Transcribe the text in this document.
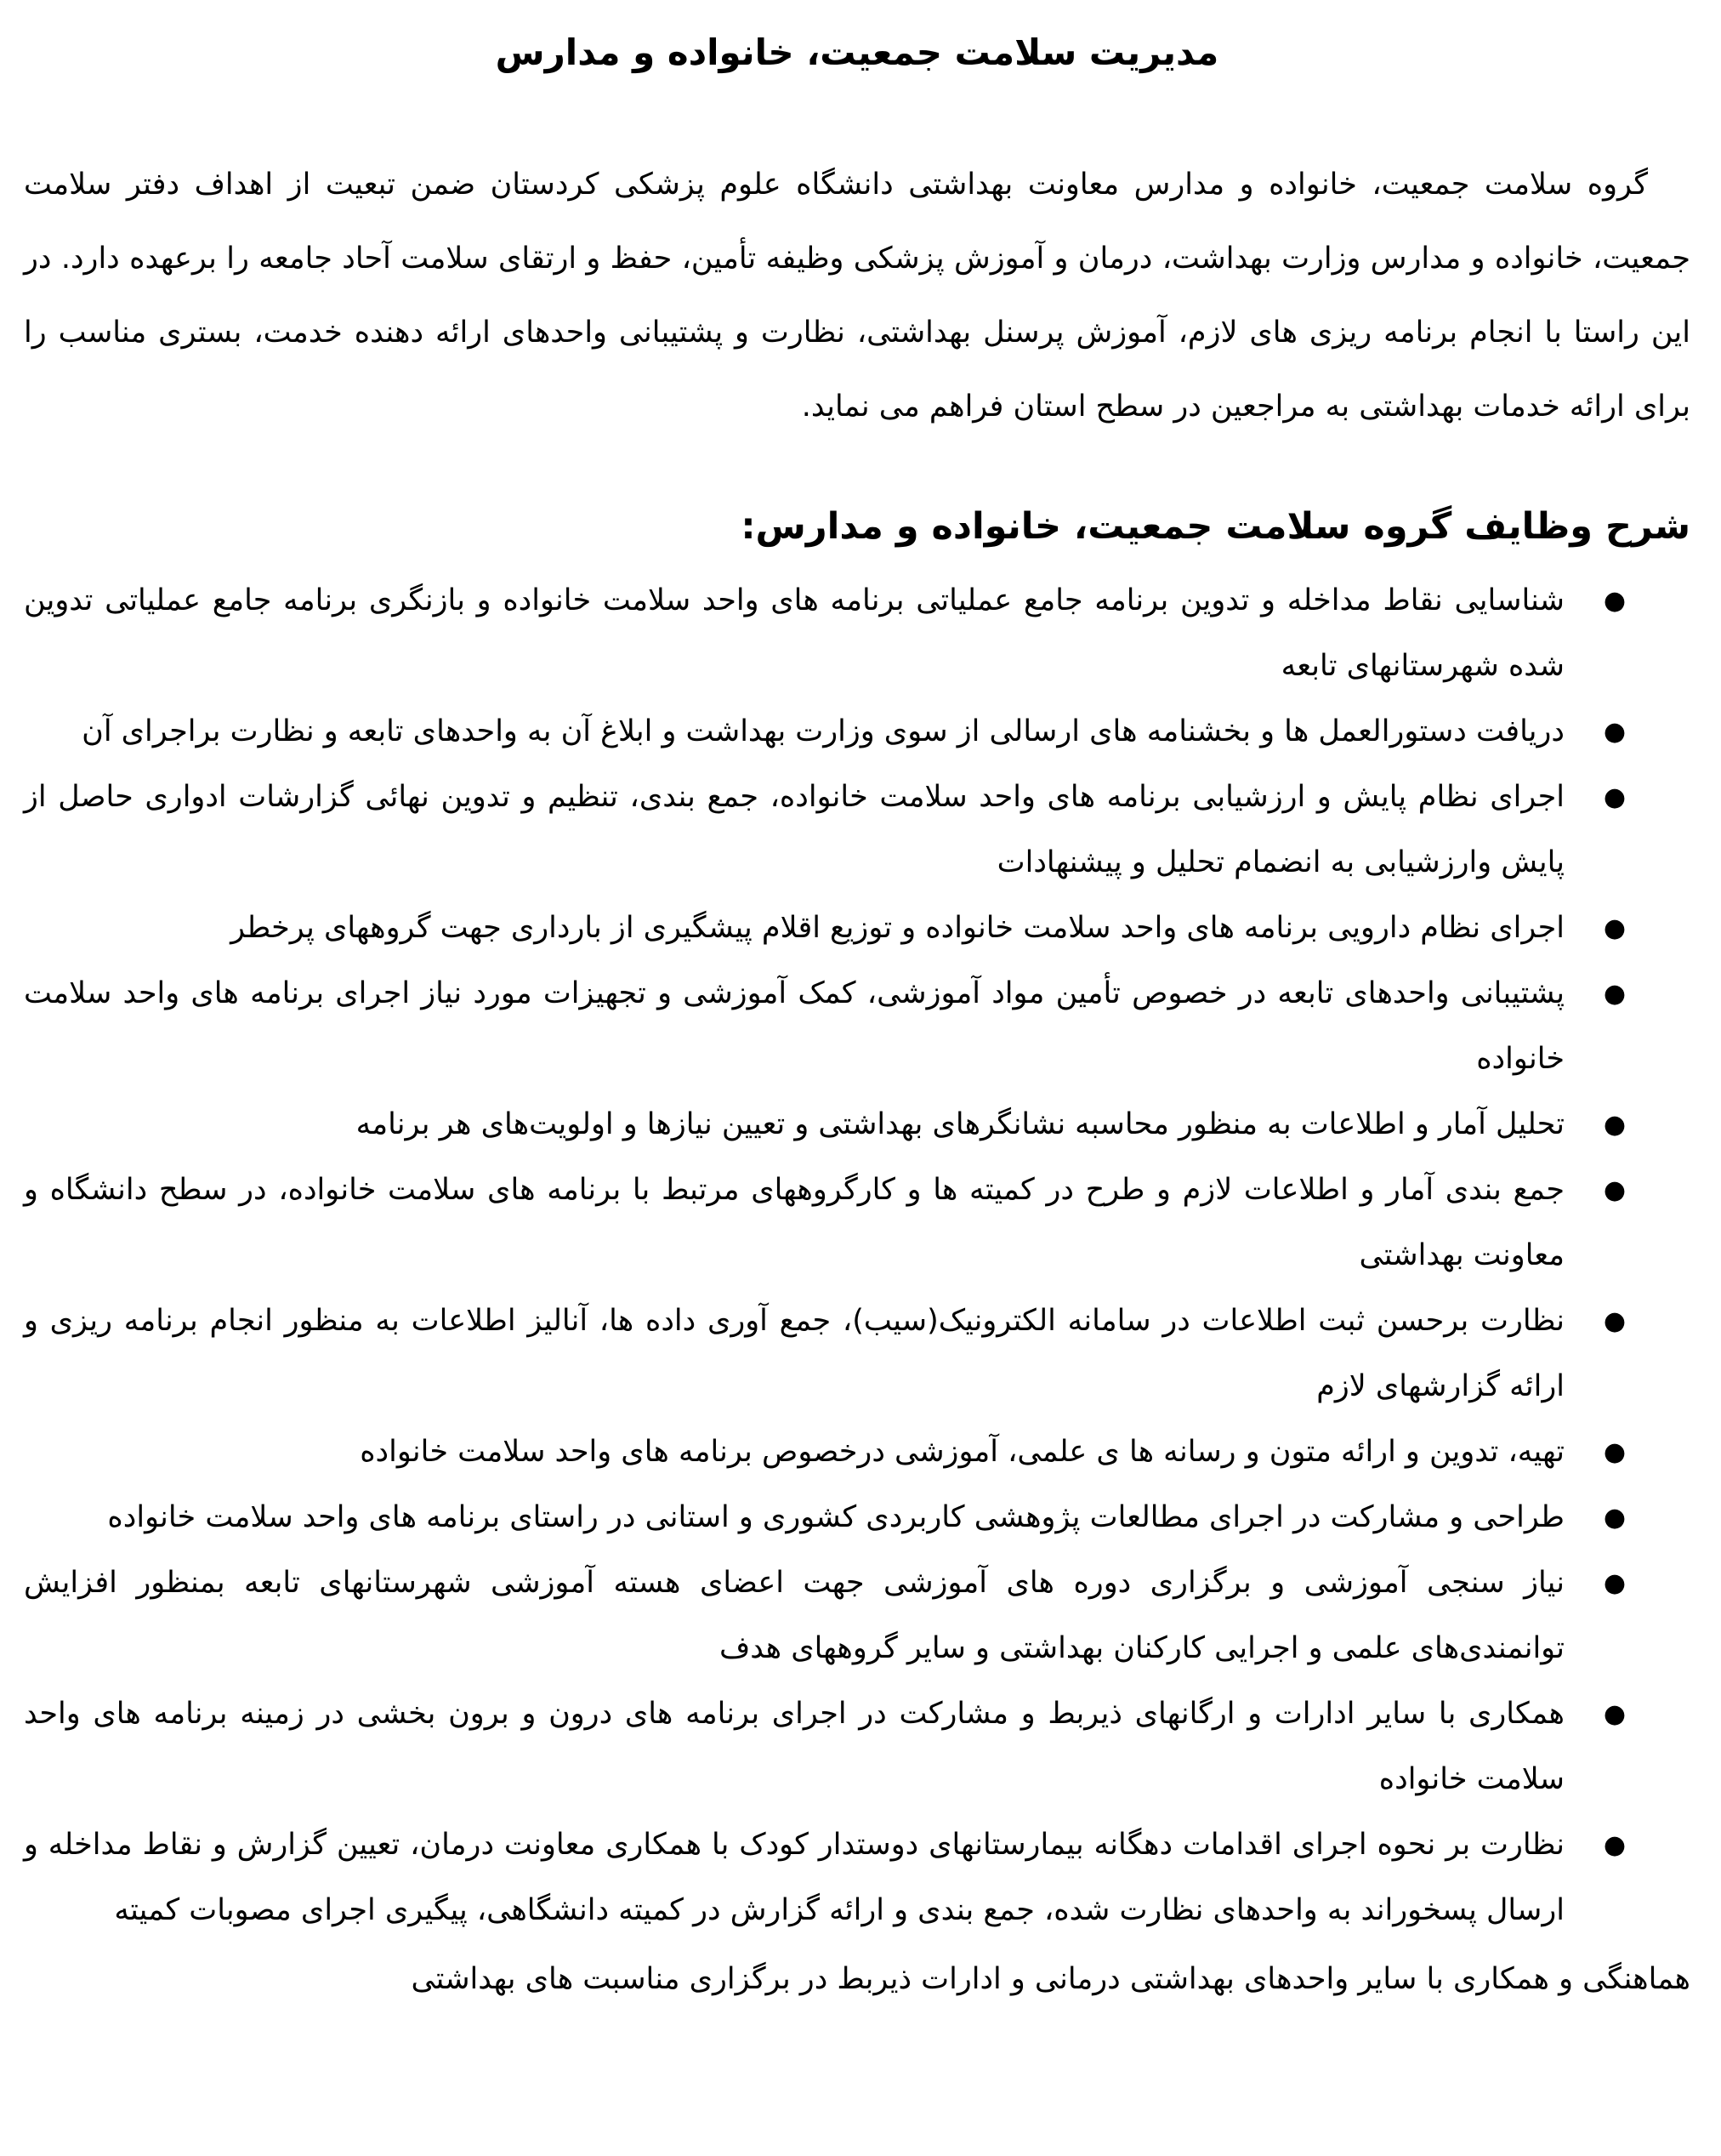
مدیریت سلامت جمعیت، خانواده و مدارس

گروه سلامت جمعیت، خانواده و مدارس معاونت بهداشتی دانشگاه علوم پزشکی کردستان ضمن تبعیت از اهداف دفتر سلامت جمعیت، خانواده و مدارس وزارت بهداشت، درمان و آموزش پزشکی وظیفه تأمین، حفظ و ارتقای سلامت آحاد جامعه را برعهده دارد. در این راستا با انجام برنامه ریزی های لازم، آموزش پرسنل بهداشتی، نظارت و پشتیبانی واحدهای ارائه دهنده خدمت، بستری مناسب را برای ارائه خدمات بهداشتی به مراجعین در سطح استان فراهم می نماید.

شرح وظایف گروه سلامت جمعیت، خانواده و مدارس:
●
شناسایی نقاط مداخله و تدوین برنامه جامع عملیاتی برنامه های واحد سلامت خانواده و بازنگری برنامه جامع عملیاتی تدوین شده شهرستانهای تابعه
●
دریافت دستورالعمل ها و بخشنامه های ارسالی از سوی وزارت بهداشت و ابلاغ آن به واحدهای تابعه و نظارت براجرای آن
●
اجرای نظام پایش و ارزشیابی برنامه های واحد سلامت خانواده، جمع بندی، تنظیم و تدوین نهائی گزارشات ادواری حاصل از پایش وارزشیابی به انضمام تحلیل و پیشنهادات
●
اجرای نظام دارویی برنامه های واحد سلامت خانواده و توزیع اقلام پیشگیری از بارداری جهت گروههای پرخطر
●
پشتیبانی واحدهای تابعه در خصوص تأمین مواد آموزشی، کمک آموزشی و تجهیزات مورد نیاز اجرای برنامه های واحد سلامت خانواده
●
تحلیل آمار و اطلاعات به منظور محاسبه نشانگرهای بهداشتی و تعیین نیازها و اولویت‌های هر برنامه
●
جمع بندی آمار و اطلاعات لازم و طرح در کمیته ها و کارگروههای مرتبط با برنامه های سلامت خانواده، در سطح دانشگاه و معاونت بهداشتی
●
نظارت برحسن ثبت اطلاعات در سامانه الکترونیک(سیب)، جمع آوری داده ها، آنالیز اطلاعات به منظور انجام برنامه ریزی و ارائه گزارشهای لازم
●
تهیه، تدوین و ارائه متون و رسانه ها ی علمی، آموزشی درخصوص برنامه های واحد سلامت خانواده
●
طراحی و مشارکت در اجرای مطالعات پژوهشی کاربردی کشوری و استانی در راستای برنامه های واحد سلامت خانواده
●
نیاز سنجی آموزشی و برگزاری دوره های آموزشی جهت اعضای هسته آموزشی شهرستانهای تابعه بمنظور افزایش توانمندی‌های علمی و اجرایی کارکنان بهداشتی و سایر گروههای هدف
●
همکاری با سایر ادارات و ارگانهای ذیربط و مشارکت در اجرای برنامه های درون و برون بخشی در زمینه برنامه های واحد سلامت خانواده
●
نظارت بر نحوه اجرای اقدامات دهگانه بیمارستانهای دوستدار کودک با همکاری معاونت درمان، تعیین گزارش و نقاط مداخله و ارسال پسخوراند به واحدهای نظارت شده، جمع بندی و ارائه گزارش در کمیته دانشگاهی، پیگیری اجرای مصوبات کمیته

هماهنگی و همکاری با سایر واحدهای بهداشتی درمانی و ادارات ذیربط در برگزاری مناسبت های بهداشتی
